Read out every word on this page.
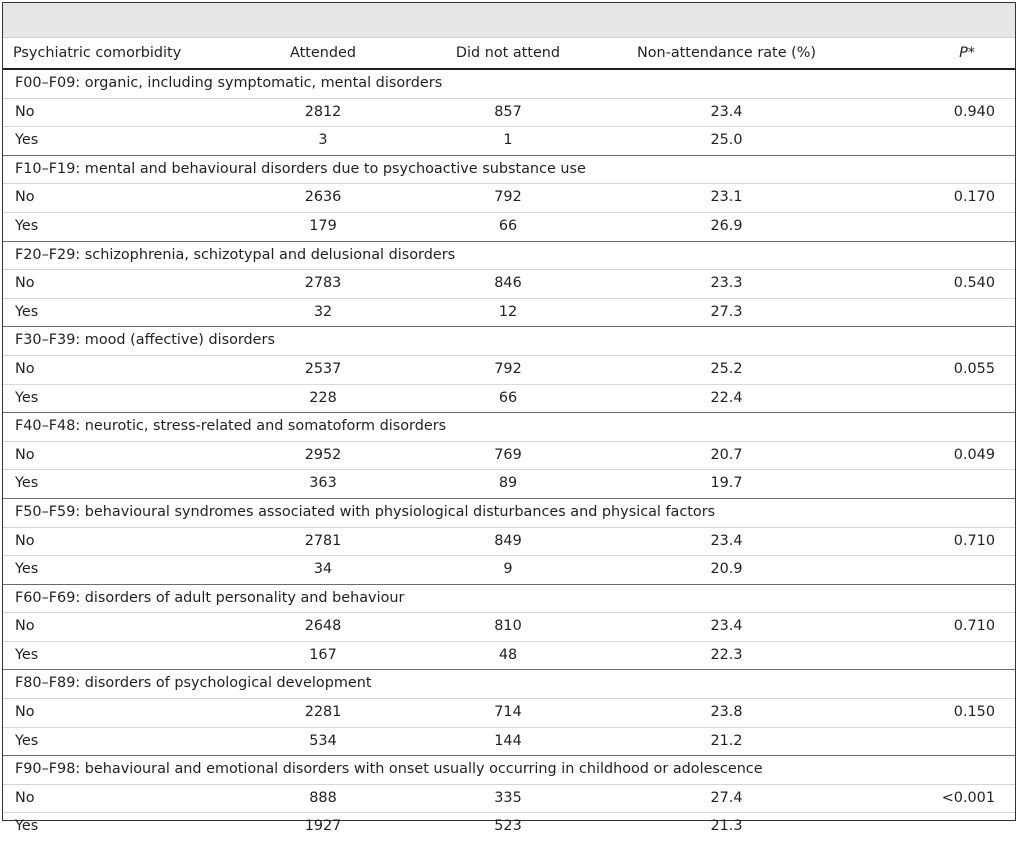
Psychiatric comorbidity	Attended	Did not attend	Non-attendance rate (%)	P*
F00–F09: organic, including symptomatic, mental disorders				
No	2812	857	23.4	0.940
Yes	3	1	25.0	
F10–F19: mental and behavioural disorders due to psychoactive substance use				
No	2636	792	23.1	0.170
Yes	179	66	26.9	
F20–F29: schizophrenia, schizotypal and delusional disorders				
No	2783	846	23.3	0.540
Yes	32	12	27.3	
F30–F39: mood (affective) disorders				
No	2537	792	25.2	0.055
Yes	228	66	22.4	
F40–F48: neurotic, stress-related and somatoform disorders				
No	2952	769	20.7	0.049
Yes	363	89	19.7	
F50–F59: behavioural syndromes associated with physiological disturbances and physical factors				
No	2781	849	23.4	0.710
Yes	34	9	20.9	
F60–F69: disorders of adult personality and behaviour				
No	2648	810	23.4	0.710
Yes	167	48	22.3	
F80–F89: disorders of psychological development				
No	2281	714	23.8	0.150
Yes	534	144	21.2	
F90–F98: behavioural and emotional disorders with onset usually occurring in childhood or adolescence				
No	888	335	27.4	<0.001
Yes	1927	523	21.3	
